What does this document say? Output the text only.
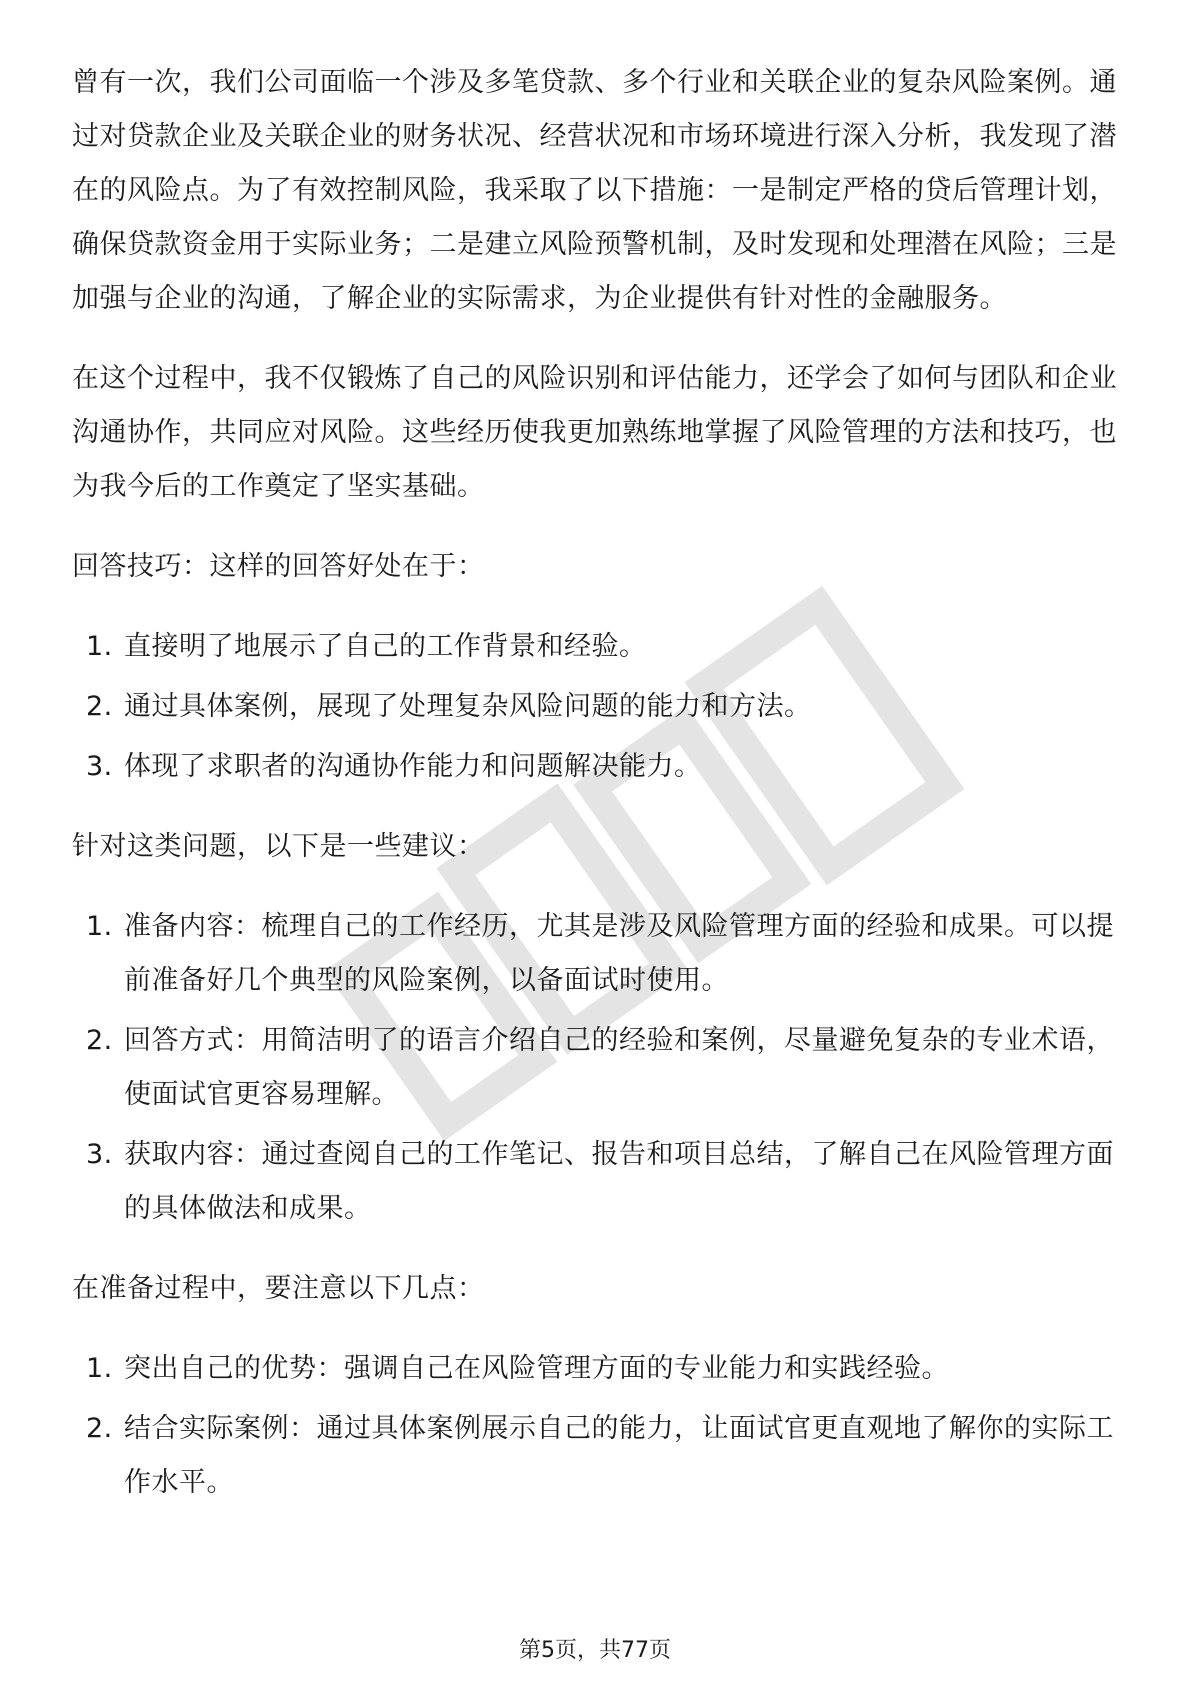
曾有一次，我们公司面临一个涉及多笔贷款、多个行业和关联企业的复杂风险案例。通过对贷款企业及关联企业的财务状况、经营状况和市场环境进行深入分析，我发现了潜在的风险点。为了有效控制风险，我采取了以下措施：一是制定严格的贷后管理计划，确保贷款资金用于实际业务；二是建立风险预警机制，及时发现和处理潜在风险；三是加强与企业的沟通，了解企业的实际需求，为企业提供有针对性的金融服务。

在这个过程中，我不仅锻炼了自己的风险识别和评估能力，还学会了如何与团队和企业沟通协作，共同应对风险。这些经历使我更加熟练地掌握了风险管理的方法和技巧，也为我今后的工作奠定了坚实基础。

回答技巧：这样的回答好处在于：

1. 直接明了地展示了自己的工作背景和经验。
2. 通过具体案例，展现了处理复杂风险问题的能力和方法。
3. 体现了求职者的沟通协作能力和问题解决能力。

针对这类问题，以下是一些建议：

1. 准备内容：梳理自己的工作经历，尤其是涉及风险管理方面的经验和成果。可以提前准备好几个典型的风险案例，以备面试时使用。
2. 回答方式：用简洁明了的语言介绍自己的经验和案例，尽量避免复杂的专业术语，使面试官更容易理解。
3. 获取内容：通过查阅自己的工作笔记、报告和项目总结，了解自己在风险管理方面的具体做法和成果。

在准备过程中，要注意以下几点：

1. 突出自己的优势：强调自己在风险管理方面的专业能力和实践经验。
2. 结合实际案例：通过具体案例展示自己的能力，让面试官更直观地了解你的实际工作水平。
第5页，共77页
